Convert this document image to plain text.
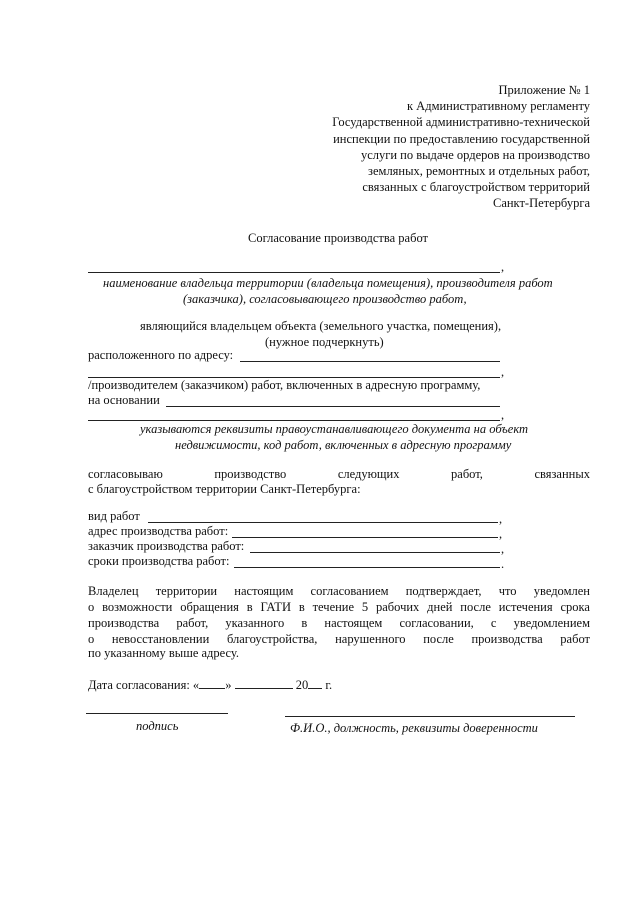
Приложение № 1
к Административному регламенту
Государственной административно-технической
инспекции по предоставлению государственной
услуги по выдаче ордеров на производство
земляных, ремонтных и отдельных работ,
связанных с благоустройством территорий
Санкт-Петербурга
Согласование производства работ
,
наименование владельца территории (владельца помещения), производителя работ
(заказчика), согласовывающего производство работ,
являющийся владельцем объекта (земельного участка, помещения),
(нужное подчеркнуть)
расположенного по адресу:
,
/производителем (заказчиком) работ, включенных в адресную программу,
на основании
,
указываются реквизиты правоустанавливающего документа на объект
недвижимости, код работ, включенных в адресную программу
согласовываю	производство	следующих	работ,	связанных
с благоустройством территории Санкт-Петербурга:
вид работ	,
адрес производства работ:	,
заказчик производства работ:	,
сроки производства работ:	.
Владелец территории настоящим согласованием подтверждает, что уведомлен
о возможности обращения в ГАТИ в течение 5 рабочих дней после истечения срока
производства работ, указанного в настоящем согласовании, с уведомлением
о невосстановлении благоустройства, нарушенного после производства работ
по указанному выше адресу.
Дата согласования: « »	20 г.
подпись	Ф.И.О., должность, реквизиты доверенности
